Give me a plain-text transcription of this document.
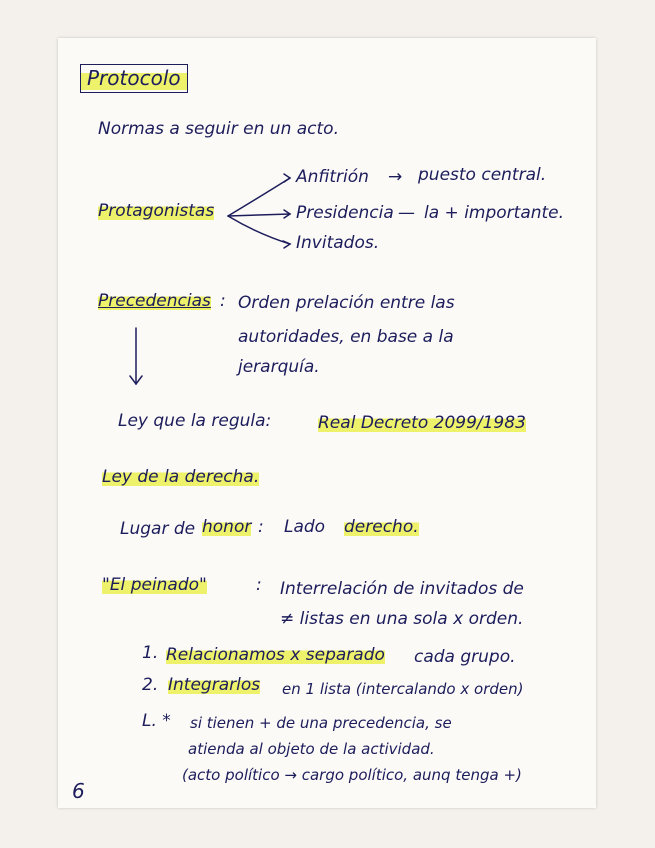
Protocolo
Normas a seguir en un acto.
Protagonistas
Anfitrión → puesto central.
Presidencia — la + importante.
Invitados.
Precedencias : Orden prelación entre las
autoridades, en base a la
jerarquía.
Ley que la regula:	Real Decreto 2099/1983
Ley de la derecha.
Lugar de honor : Lado derecho.
"El peinado"	: Interrelación de invitados de
≠ listas en una sola x orden.
1. Relacionamos x separado cada grupo.
2. Integrarlos en 1 lista (intercalando x orden)
L. * si tienen + de una precedencia, se
atienda al objeto de la actividad.
(acto político → cargo político, aunq tenga +)
6
